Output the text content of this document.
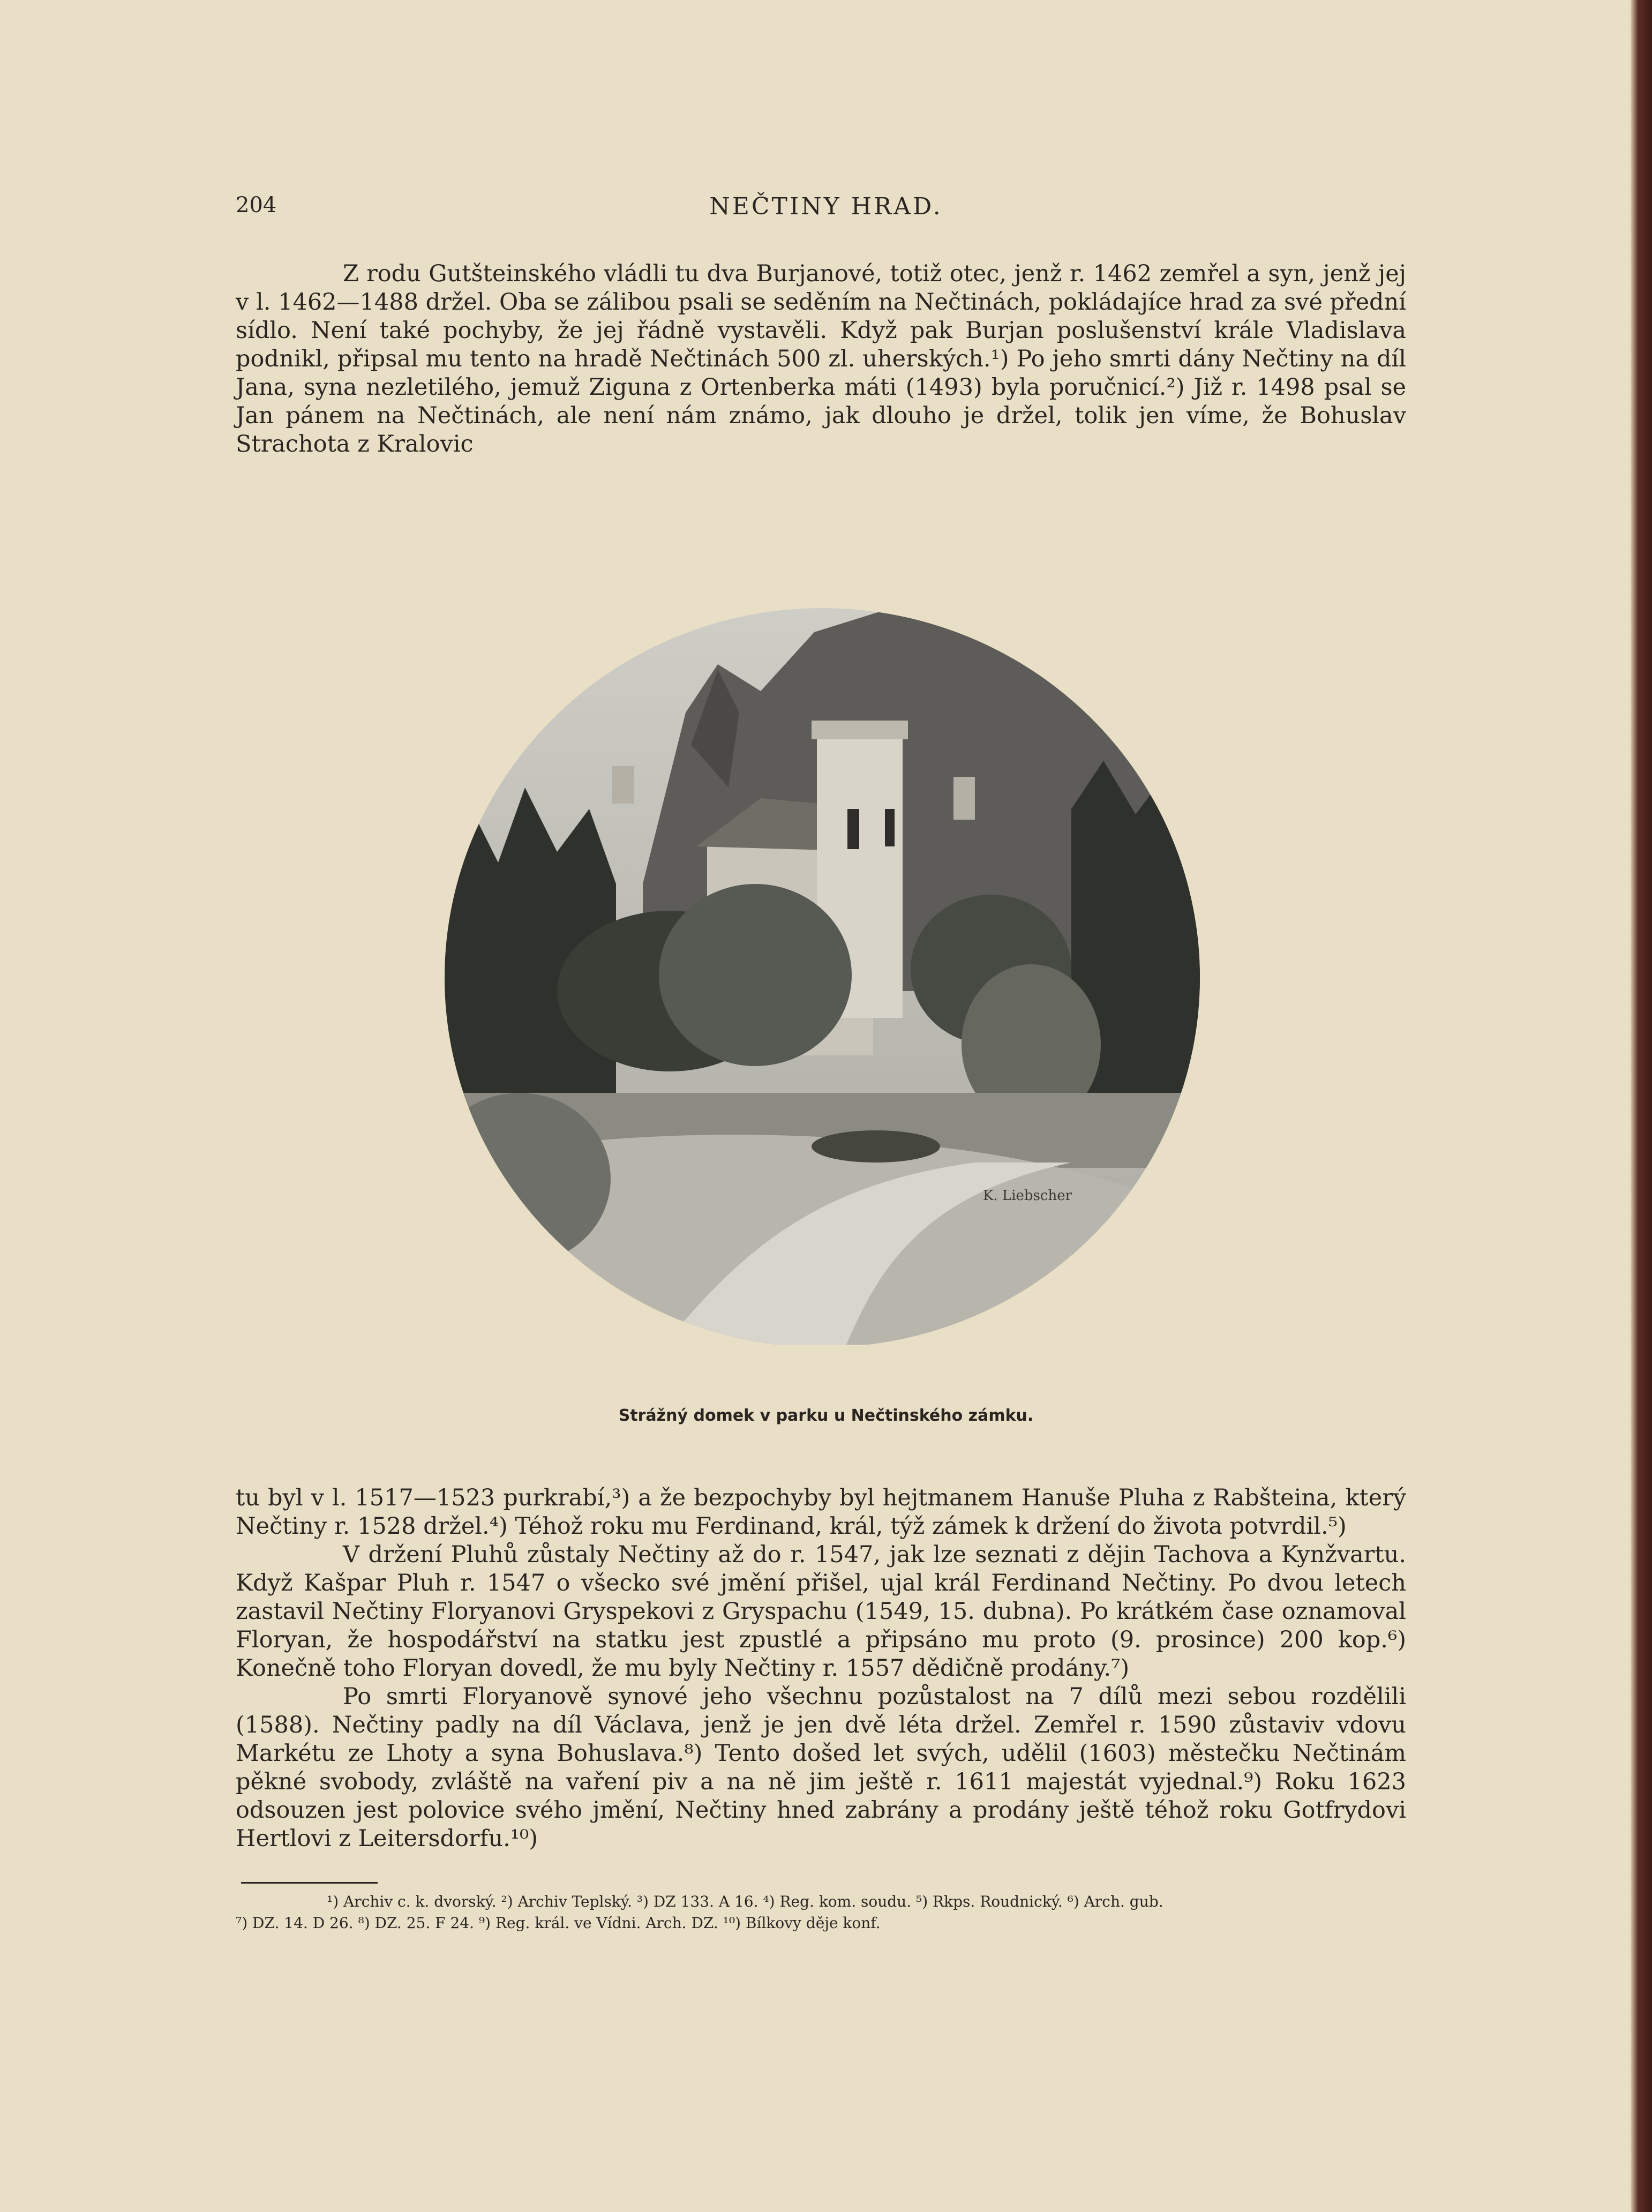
204	NEČTINY HRAD.

Z rodu Gutšteinského vládli tu dva Burjanové, totiž otec, jenž r. 1462 zemřel a syn, jenž jej v l. 1462—1488 držel. Oba se zálibou psali se seděním na Nečtinách, pokládajíce hrad za své přední sídlo. Není také pochyby, že jej řádně vystavěli. Když pak Burjan poslušenství krále Vladislava podnikl, připsal mu tento na hradě Nečtinách 500 zl. uherských.¹) Po jeho smrti dány Nečtiny na díl Jana, syna nezletilého, jemuž Ziguna z Ortenberka máti (1493) byla poručnicí.²) Již r. 1498 psal se Jan pánem na Nečtinách, ale není nám známo, jak dlouho je držel, tolik jen víme, že Bohuslav Strachota z Kralovic

K. Liebscher
Strážný domek v parku u Nečtinského zámku.

tu byl v l. 1517—1523 purkrabí,³) a že bezpochyby byl hejtmanem Hanuše Pluha z Rabšteina, který Nečtiny r. 1528 držel.⁴) Téhož roku mu Ferdinand, král, týž zámek k držení do života potvrdil.⁵)

V držení Pluhů zůstaly Nečtiny až do r. 1547, jak lze seznati z dějin Tachova a Kynžvartu. Když Kašpar Pluh r. 1547 o všecko své jmění přišel, ujal král Ferdinand Nečtiny. Po dvou letech zastavil Nečtiny Floryanovi Gryspekovi z Gryspachu (1549, 15. dubna). Po krátkém čase oznamoval Floryan, že hospodářství na statku jest zpustlé a připsáno mu proto (9. prosince) 200 kop.⁶) Konečně toho Floryan dovedl, že mu byly Nečtiny r. 1557 dědičně prodány.⁷)

Po smrti Floryanově synové jeho všechnu pozůstalost na 7 dílů mezi sebou rozdělili (1588). Nečtiny padly na díl Václava, jenž je jen dvě léta držel. Zemřel r. 1590 zůstaviv vdovu Markétu ze Lhoty a syna Bohuslava.⁸) Tento došed let svých, udělil (1603) městečku Nečtinám pěkné svobody, zvláště na vaření piv a na ně jim ještě r. 1611 majestát vyjednal.⁹) Roku 1623 odsouzen jest polovice svého jmění, Nečtiny hned zabrány a prodány ještě téhož roku Gotfrydovi Hertlovi z Leitersdorfu.¹⁰)

¹) Archiv c. k. dvorský. ²) Archiv Teplský. ³) DZ 133. A 16. ⁴) Reg. kom. soudu. ⁵) Rkps. Roudnický. ⁶) Arch. gub.

⁷) DZ. 14. D 26. ⁸) DZ. 25. F 24. ⁹) Reg. král. ve Vídni. Arch. DZ. ¹⁰) Bílkovy děje konf.
